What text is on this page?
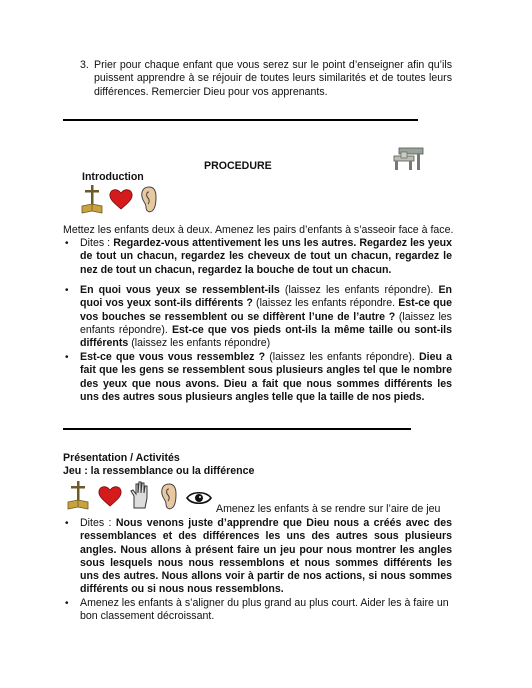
3. Prier pour chaque enfant que vous serez sur le point d’enseigner afin qu’ils puissent apprendre à se réjouir de toutes leurs similarités et de toutes leurs différences. Remercier Dieu pour vos apprenants.
PROCEDURE
Introduction
Mettez les enfants deux à deux. Amenez les pairs d’enfants à s’asseoir face à face.
• Dites : Regardez-vous attentivement les uns les autres. Regardez les yeux de tout un chacun, regardez les cheveux de tout un chacun, regardez le nez de tout un chacun, regardez la bouche de tout un chacun.
• En quoi vous yeux se ressemblent-ils (laissez les enfants répondre). En quoi vos yeux sont-ils différents ? (laissez les enfants répondre. Est-ce que vos bouches se ressemblent ou se diffèrent l’une de l’autre ? (laissez les enfants répondre). Est-ce que vos pieds ont-ils la même taille ou sont-ils différents (laissez les enfants répondre)
• Est-ce que vous vous ressemblez ? (laissez les enfants répondre). Dieu a fait que les gens se ressemblent sous plusieurs angles tel que le nombre des yeux que nous avons. Dieu a fait que nous sommes différents les uns des autres sous plusieurs angles telle que la taille de nos pieds.
Présentation / Activités
Jeu : la ressemblance ou la différence
Amenez les enfants à se rendre sur l’aire de jeu
• Dites : Nous venons juste d’apprendre que Dieu nous a créés avec des ressemblances et des différences les uns des autres sous plusieurs angles. Nous allons à présent faire un jeu pour nous montrer les angles sous lesquels nous nous ressemblons et nous sommes différents les uns des autres. Nous allons voir à partir de nos actions, si nous sommes différents ou si nous nous ressemblons.
• Amenez les enfants à s’aligner du plus grand au plus court. Aider les à faire un bon classement décroissant.
